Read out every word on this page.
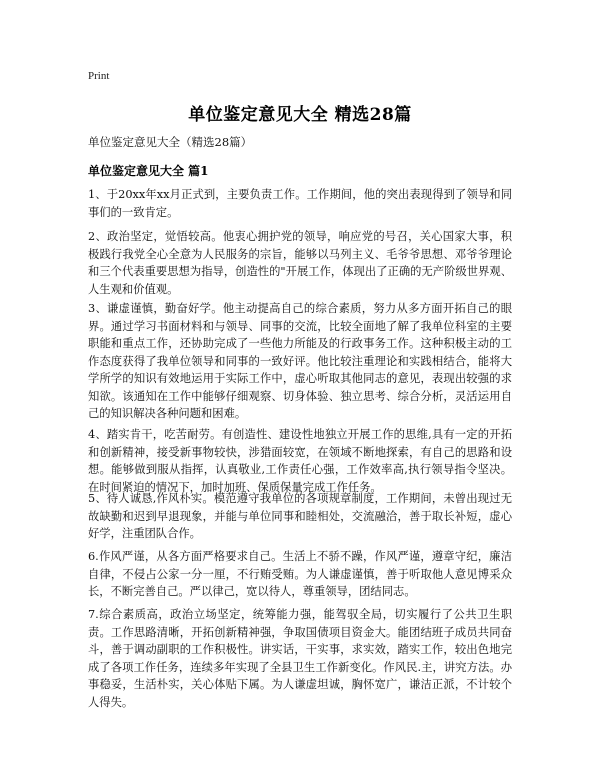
Print
单位鉴定意见大全 精选28篇
单位鉴定意见大全（精选28篇）
单位鉴定意见大全 篇1
1、于20xx年xx月正式到，主要负责工作。工作期间，他的突出表现得到了领导和同事们的一致肯定。
2、政治坚定，觉悟较高。他衷心拥护党的领导，响应党的号召，关心国家大事，积极践行我党全心全意为人民服务的宗旨，能够以马列主义、毛爷爷思想、邓爷爷理论和三个代表重要思想为指导，创造性的"开展工作，体现出了正确的无产阶级世界观、人生观和价值观。
3、谦虚谨慎，勤奋好学。他主动提高自己的综合素质，努力从多方面开拓自己的眼界。通过学习书面材料和与领导、同事的交流，比较全面地了解了我单位科室的主要职能和重点工作，还协助完成了一些他力所能及的行政事务工作。这种积极主动的工作态度获得了我单位领导和同事的一致好评。他比较注重理论和实践相结合，能将大学所学的知识有效地运用于实际工作中，虚心听取其他同志的意见，表现出较强的求知欲。该通知在工作中能够仔细观察、切身体验、独立思考、综合分析，灵活运用自己的知识解决各种问题和困难。
4、踏实肯干，吃苦耐劳。有创造性、建设性地独立开展工作的思维,具有一定的开拓和创新精神，接受新事物较快，涉猎面较宽，在领域不断地探索，有自己的思路和设想。能够做到服从指挥，认真敬业,工作责任心强，工作效率高,执行领导指令坚决。在时间紧迫的情况下，加时加班、保质保量完成工作任务。
5、待人诚恳,作风朴实。模范遵守我单位的各项规章制度，工作期间，未曾出现过无故缺勤和迟到早退现象，并能与单位同事和睦相处，交流融洽，善于取长补短，虚心好学，注重团队合作。
6.作风严谨，从各方面严格要求自己。生活上不骄不躁，作风严谨，遵章守纪，廉洁自律，不侵占公家一分一厘，不行贿受贿。为人谦虚谨慎，善于听取他人意见博采众长，不断完善自己。严以律己，宽以待人，尊重领导，团结同志。
7.综合素质高，政治立场坚定，统筹能力强，能驾驭全局，切实履行了公共卫生职责。工作思路清晰，开拓创新精神强，争取国债项目资金大。能团结班子成员共同奋斗，善于调动副职的工作积极性。讲实话，干实事，求实效，踏实工作，较出色地完成了各项工作任务，连续多年实现了全县卫生工作新变化。作风民.主，讲究方法。办事稳妥，生活朴实，关心体贴下属。为人谦虚坦诚，胸怀宽广，谦洁正派，不计较个人得失。
